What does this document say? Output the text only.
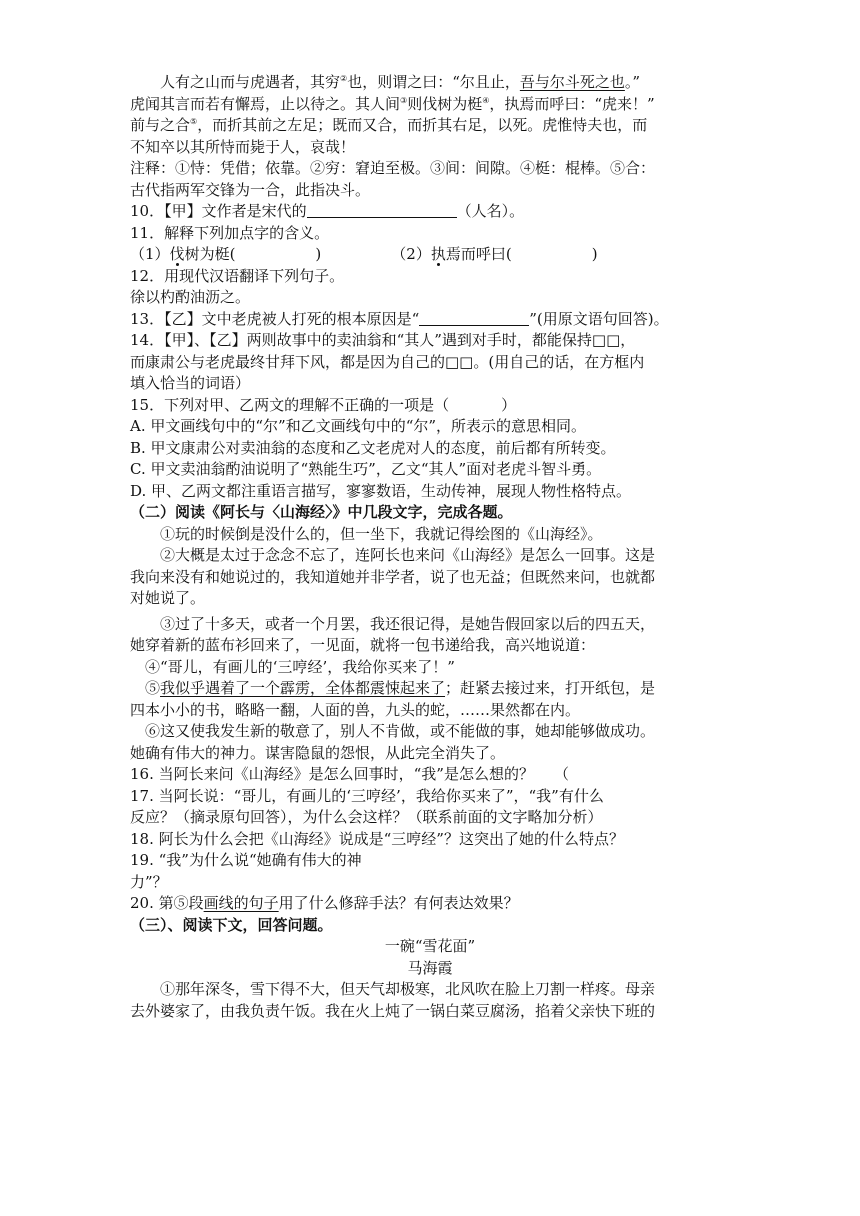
人有之山而与虎遇者，其穷②也，则谓之曰：“尔且止，吾与尔斗死之也。”

虎闻其言而若有懈焉，止以待之。其人间③则伐树为梃④，执焉而呼曰：“虎来！”

前与之合⑤，而折其前之左足；既而又合，而折其右足，以死。虎惟恃夫也，而

不知卒以其所恃而毙于人，哀哉！

注释：①恃：凭借；依靠。②穷：窘迫至极。③间：间隙。④梃：棍棒。⑤合：

古代指两军交锋为一合，此指决斗。

10．【甲】文作者是宋代的	（人名）。

11．解释下列加点字的含义。

（1）伐树为梃(	)	（2）执焉而呼曰(	)

12．用现代汉语翻译下列句子。

徐以杓酌油沥之。

13．【乙】文中老虎被人打死的根本原因是“	”(用原文语句回答)。

14．【甲】、【乙】两则故事中的卖油翁和“其人”遇到对手时，都能保持□□，

而康肃公与老虎最终甘拜下风，都是因为自己的□□。(用自己的话，在方框内

填入恰当的词语）

15．下列对甲、乙两文的理解不正确的一项是（	）

A. 甲文画线句中的“尔”和乙文画线句中的“尔”，所表示的意思相同。

B. 甲文康肃公对卖油翁的态度和乙文老虎对人的态度，前后都有所转变。

C. 甲文卖油翁酌油说明了“熟能生巧”，乙文“其人”面对老虎斗智斗勇。

D. 甲、乙两文都注重语言描写，寥寥数语，生动传神，展现人物性格特点。

（二）阅读《阿长与〈山海经〉》中几段文字，完成各题。

①玩的时候倒是没什么的，但一坐下，我就记得绘图的《山海经》。

②大概是太过于念念不忘了，连阿长也来问《山海经》是怎么一回事。这是

我向来没有和她说过的，我知道她并非学者，说了也无益；但既然来问，也就都

对她说了。

③过了十多天，或者一个月罢，我还很记得，是她告假回家以后的四五天，

她穿着新的蓝布衫回来了，一见面，就将一包书递给我，高兴地说道：

④“哥儿，有画儿的‘三哼经’，我给你买来了！”

⑤我似乎遇着了一个霹雳，全体都震悚起来了；赶紧去接过来，打开纸包，是

四本小小的书，略略一翻，人面的兽，九头的蛇，……果然都在内。

⑥这又使我发生新的敬意了，别人不肯做，或不能做的事，她却能够做成功。

她确有伟大的神力。谋害隐鼠的怨恨，从此完全消失了。

16. 当阿长来问《山海经》是怎么回事时，“我”是怎么想的？ （

17. 当阿长说：“哥儿，有画儿的‘三哼经’，我给你买来了”，“我”有什么

反应？（摘录原句回答），为什么会这样？（联系前面的文字略加分析）

18. 阿长为什么会把《山海经》说成是“三哼经”？这突出了她的什么特点？

19. “我”为什么说“她确有伟大的神

力”？

20. 第⑤段画线的句子用了什么修辞手法？有何表达效果？

（三）、阅读下文，回答问题。

一碗“雪花面”

马海霞

①那年深冬，雪下得不大，但天气却极寒，北风吹在脸上刀割一样疼。母亲

去外婆家了，由我负责午饭。我在火上炖了一锅白菜豆腐汤，掐着父亲快下班的
